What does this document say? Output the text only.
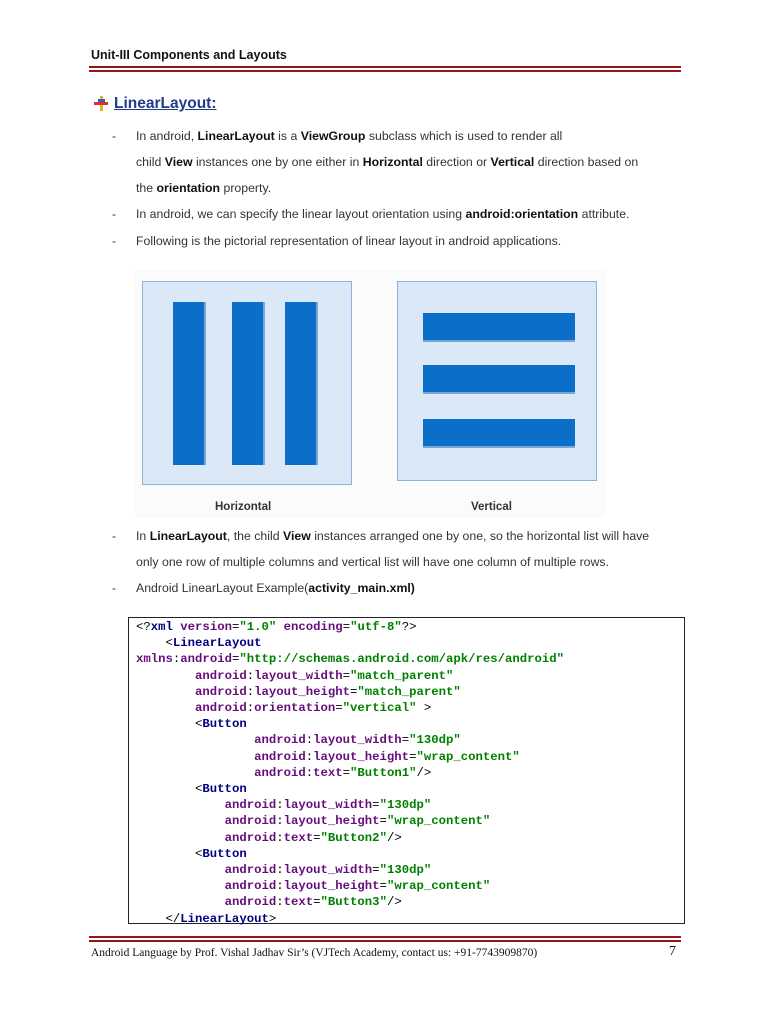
Unit-III Components and Layouts
LinearLayout:
- In android, LinearLayout is a ViewGroup subclass which is used to render all
child View instances one by one either in Horizontal direction or Vertical direction based on
the orientation property.
- In android, we can specify the linear layout orientation using android:orientation attribute.
- Following is the pictorial representation of linear layout in android applications.
Horizontal	Vertical
- In LinearLayout, the child View instances arranged one by one, so the horizontal list will have
only one row of multiple columns and vertical list will have one column of multiple rows.
- Android LinearLayout Example(activity_main.xml)
<?xml version="1.0" encoding="utf-8"?>
<LinearLayout
xmlns:android="http://schemas.android.com/apk/res/android"
android:layout_width="match_parent"
android:layout_height="match_parent"
android:orientation="vertical" >
<Button
android:layout_width="130dp"
android:layout_height="wrap_content"
android:text="Button1"/>
<Button
android:layout_width="130dp"
android:layout_height="wrap_content"
android:text="Button2"/>
<Button
android:layout_width="130dp"
android:layout_height="wrap_content"
android:text="Button3"/>
</LinearLayout>
Android Language by Prof. Vishal Jadhav Sir’s (VJTech Academy, contact us: +91-7743909870)	7
